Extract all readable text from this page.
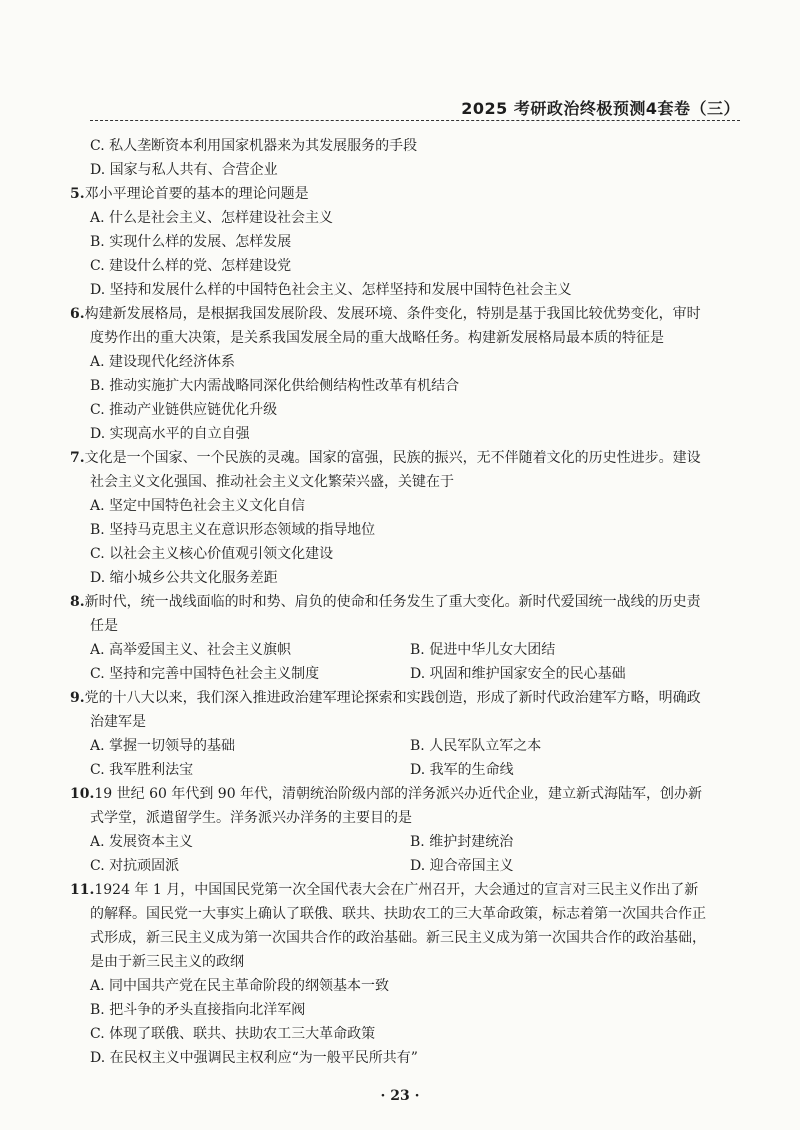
2025 考研政治终极预测4套卷（三）
C. 私人垄断资本利用国家机器来为其发展服务的手段
D. 国家与私人共有、合营企业
5.邓小平理论首要的基本的理论问题是
A. 什么是社会主义、怎样建设社会主义
B. 实现什么样的发展、怎样发展
C. 建设什么样的党、怎样建设党
D. 坚持和发展什么样的中国特色社会主义、怎样坚持和发展中国特色社会主义
6.构建新发展格局，是根据我国发展阶段、发展环境、条件变化，特别是基于我国比较优势变化，审时度势作出的重大决策，是关系我国发展全局的重大战略任务。构建新发展格局最本质的特征是
A. 建设现代化经济体系
B. 推动实施扩大内需战略同深化供给侧结构性改革有机结合
C. 推动产业链供应链优化升级
D. 实现高水平的自立自强
7.文化是一个国家、一个民族的灵魂。国家的富强，民族的振兴，无不伴随着文化的历史性进步。建设社会主义文化强国、推动社会主义文化繁荣兴盛，关键在于
A. 坚定中国特色社会主义文化自信
B. 坚持马克思主义在意识形态领域的指导地位
C. 以社会主义核心价值观引领文化建设
D. 缩小城乡公共文化服务差距
8.新时代，统一战线面临的时和势、肩负的使命和任务发生了重大变化。新时代爱国统一战线的历史责任是
A. 高举爱国主义、社会主义旗帜	B. 促进中华儿女大团结
C. 坚持和完善中国特色社会主义制度	D. 巩固和维护国家安全的民心基础
9.党的十八大以来，我们深入推进政治建军理论探索和实践创造，形成了新时代政治建军方略，明确政治建军是
A. 掌握一切领导的基础	B. 人民军队立军之本
C. 我军胜利法宝	D. 我军的生命线
10.19 世纪 60 年代到 90 年代，清朝统治阶级内部的洋务派兴办近代企业，建立新式海陆军，创办新式学堂，派遣留学生。洋务派兴办洋务的主要目的是
A. 发展资本主义	B. 维护封建统治
C. 对抗顽固派	D. 迎合帝国主义
11.1924 年 1 月，中国国民党第一次全国代表大会在广州召开，大会通过的宣言对三民主义作出了新的解释。国民党一大事实上确认了联俄、联共、扶助农工的三大革命政策，标志着第一次国共合作正式形成，新三民主义成为第一次国共合作的政治基础。新三民主义成为第一次国共合作的政治基础，是由于新三民主义的政纲
A. 同中国共产党在民主革命阶段的纲领基本一致
B. 把斗争的矛头直接指向北洋军阀
C. 体现了联俄、联共、扶助农工三大革命政策
D. 在民权主义中强调民主权利应“为一般平民所共有”
· 23 ·
